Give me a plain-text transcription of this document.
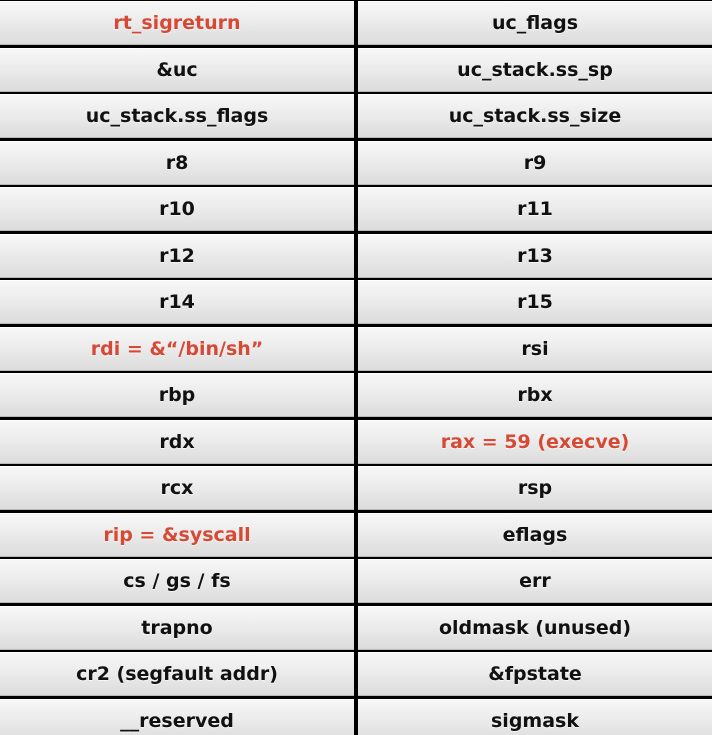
rt_sigreturn	uc_flags
&uc	uc_stack.ss_sp
uc_stack.ss_flags	uc_stack.ss_size
r8	r9
r10	r11
r12	r13
r14	r15
rdi = &“/bin/sh”	rsi
rbp	rbx
rdx	rax = 59 (execve)
rcx	rsp
rip = &syscall	eflags
cs / gs / fs	err
trapno	oldmask (unused)
cr2 (segfault addr)	&fpstate
__reserved	sigmask
